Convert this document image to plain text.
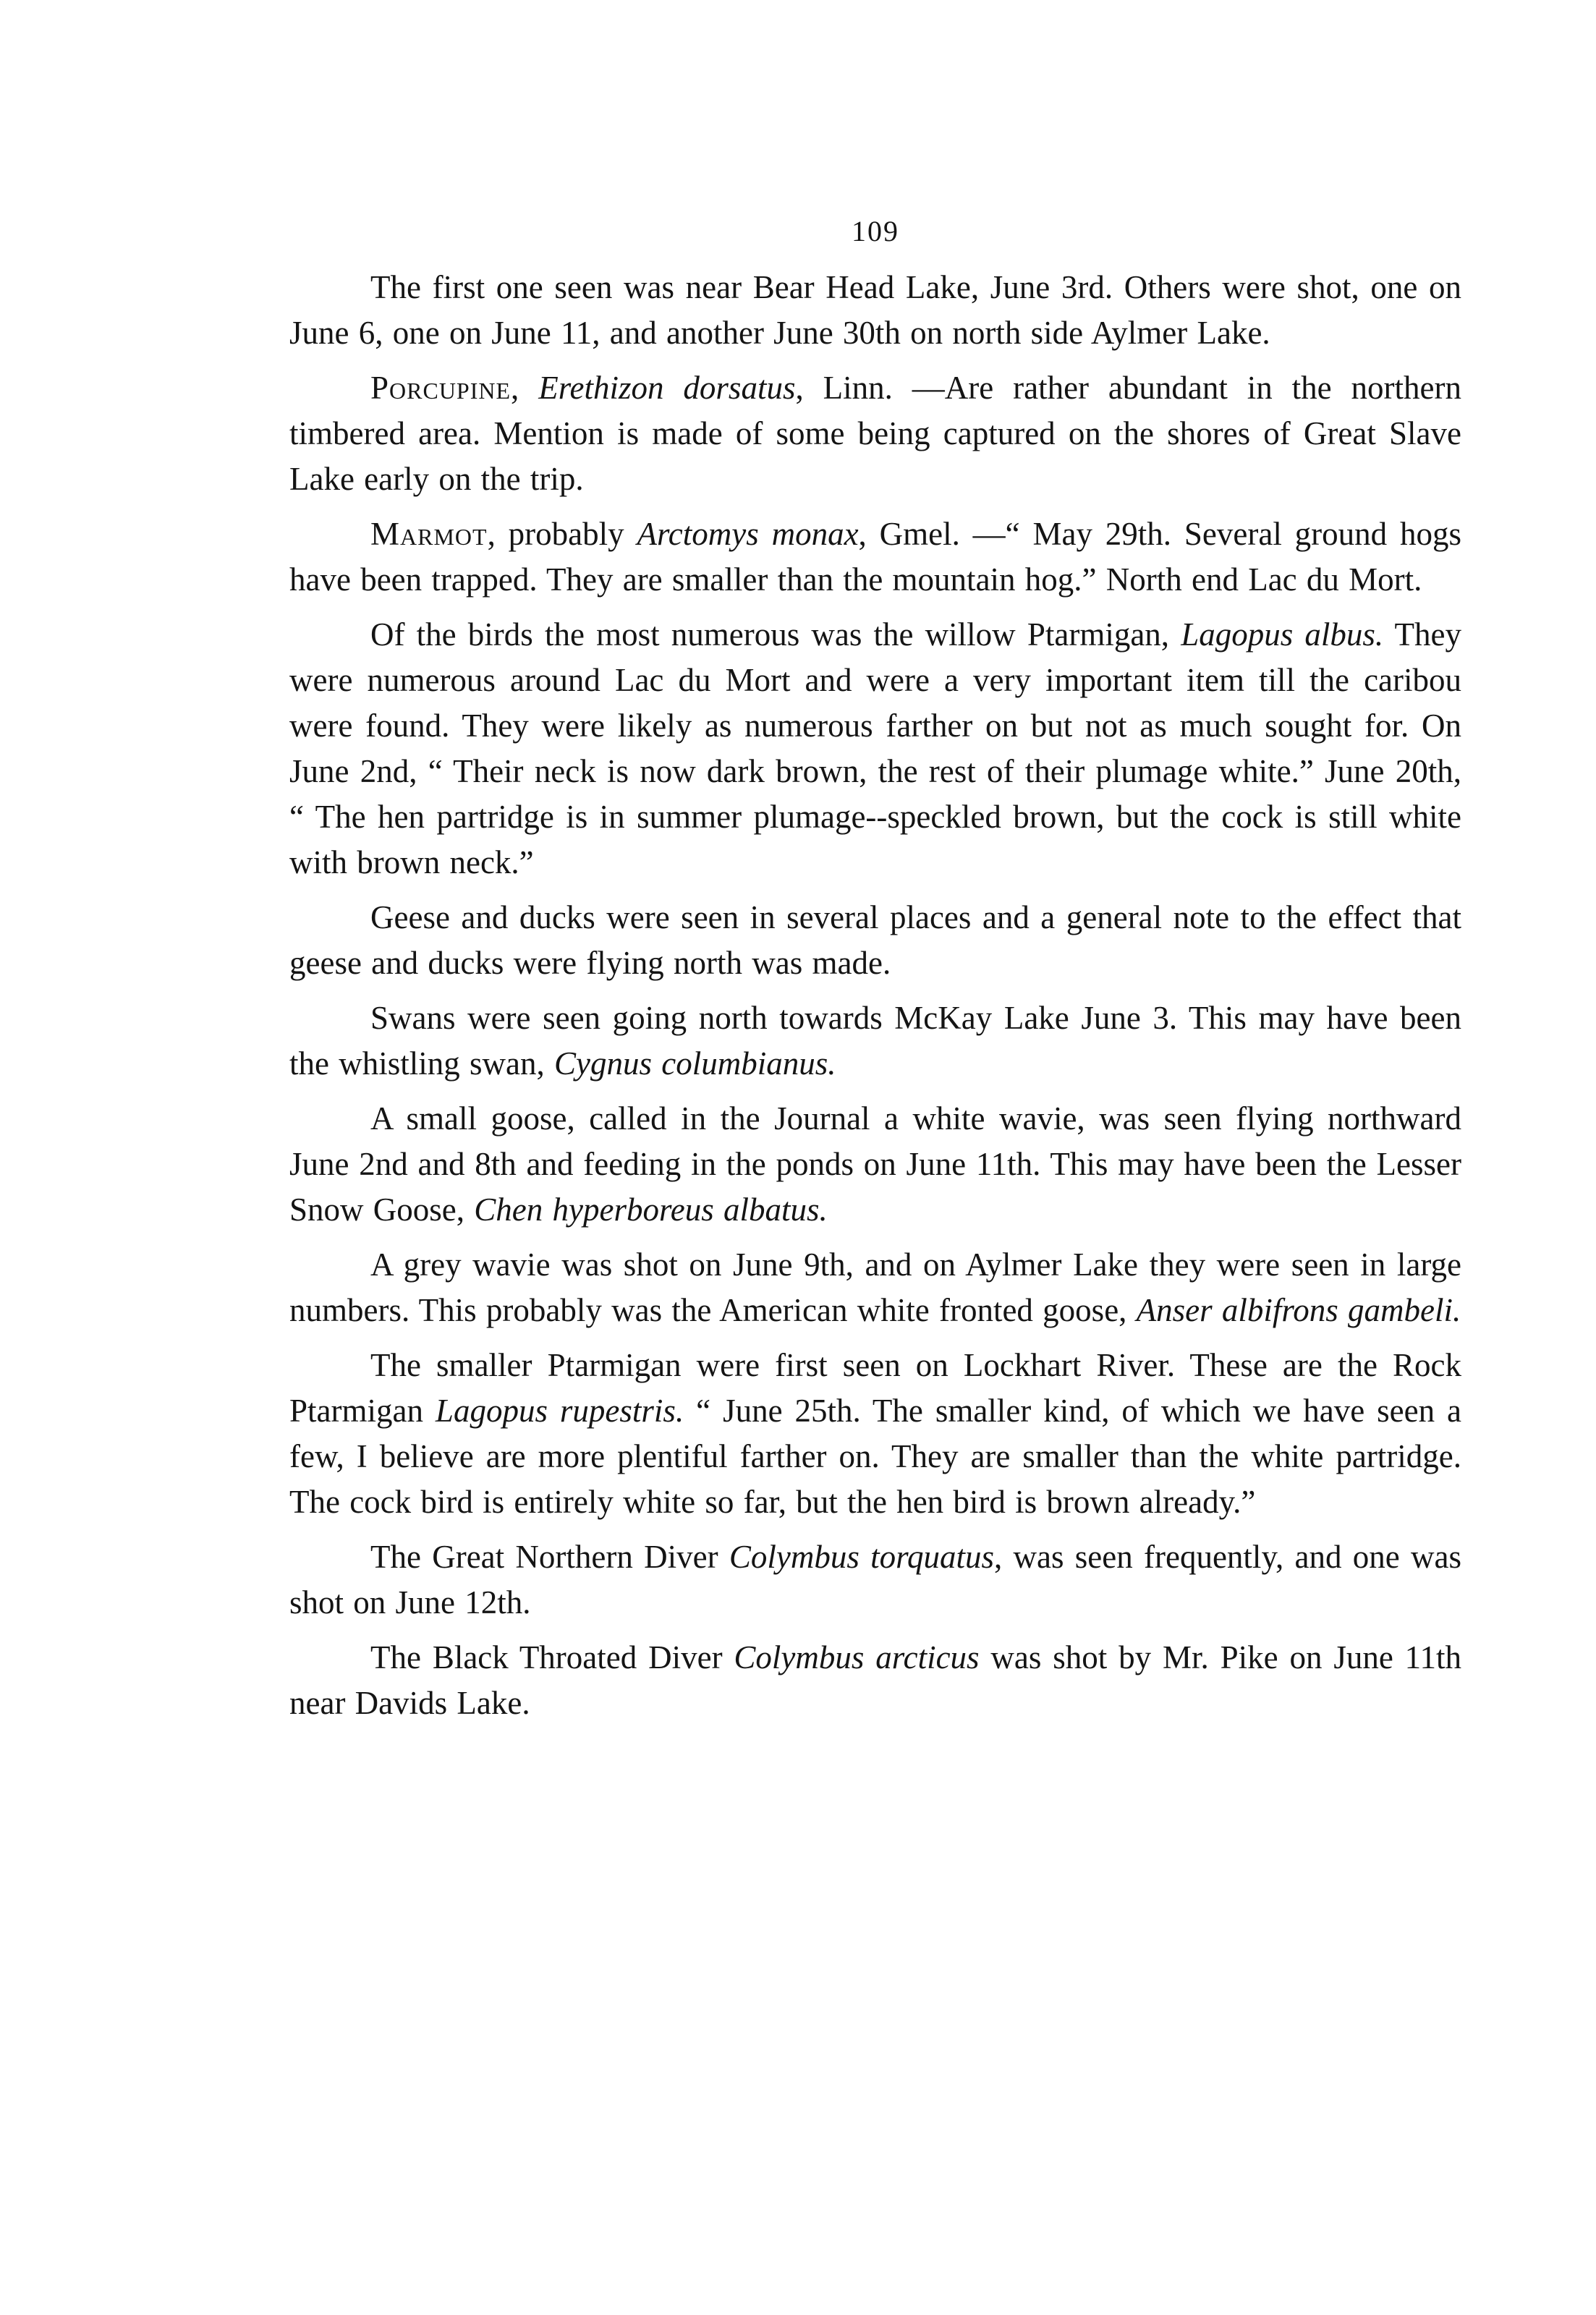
109

The first one seen was near Bear Head Lake, June 3rd. Others were shot, one on June 6, one on June 11, and another June 30th on north side Aylmer Lake.

Porcupine, Erethizon dorsatus, Linn. —Are rather abundant in the northern timbered area. Mention is made of some being captured on the shores of Great Slave Lake early on the trip.

Marmot, probably Arctomys monax, Gmel. —“ May 29th. Several ground hogs have been trapped. They are smaller than the mountain hog.” North end Lac du Mort.

Of the birds the most numerous was the willow Ptarmigan, Lagopus albus. They were numerous around Lac du Mort and were a very important item till the caribou were found. They were likely as numerous farther on but not as much sought for. On June 2nd, “ Their neck is now dark brown, the rest of their plumage white.” June 20th, “ The hen partridge is in summer plumage--speckled brown, but the cock is still white with brown neck.”

Geese and ducks were seen in several places and a general note to the effect that geese and ducks were flying north was made.

Swans were seen going north towards McKay Lake June 3. This may have been the whistling swan, Cygnus columbianus.

A small goose, called in the Journal a white wavie, was seen flying northward June 2nd and 8th and feeding in the ponds on June 11th. This may have been the Lesser Snow Goose, Chen hyperboreus albatus.

A grey wavie was shot on June 9th, and on Aylmer Lake they were seen in large numbers. This probably was the American white fronted goose, Anser albifrons gambeli.

The smaller Ptarmigan were first seen on Lockhart River. These are the Rock Ptarmigan Lagopus rupestris. “ June 25th. The smaller kind, of which we have seen a few, I believe are more plentiful farther on. They are smaller than the white partridge. The cock bird is entirely white so far, but the hen bird is brown already.”

The Great Northern Diver Colymbus torquatus, was seen frequently, and one was shot on June 12th.

The Black Throated Diver Colymbus arcticus was shot by Mr. Pike on June 11th near Davids Lake.
